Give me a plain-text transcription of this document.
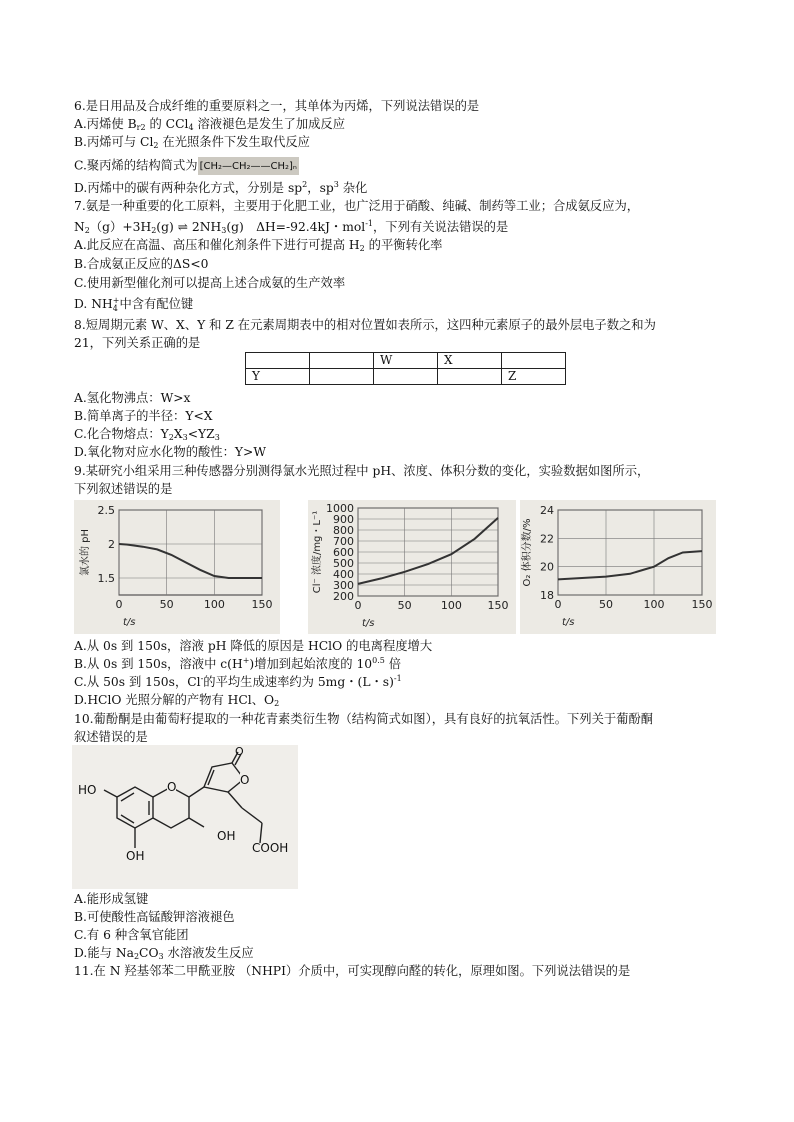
6.是日用品及合成纤维的重要原料之一，其单体为丙烯，下列说法错误的是
A.丙烯使 $B_{r2}$ 的 CCl$_4$ 溶液褪色是发生了加成反应
B.丙烯可与 $Cl_2$ 在光照条件下发生取代反应
C.聚丙烯的结构简式为 [CH₂—CH₂——CH₂]ₙ
D.丙烯中的碳有两种杂化方式，分别是 $sp^2$，$sp^3$ 杂化
7.氨是一种重要的化工原料，主要用于化肥工业，也广泛用于硝酸、纯碱、制药等工业；合成氨反应为，
$N_2(g)+3H_2(g)$ ⇌ $2NH_3(g)$　ΔH=-92.4kJ・mol$^{-1}$，下列有关说法错误的是
A.此反应在高温、高压和催化剂条件下进行可提高 $H_2$ 的平衡转化率
B.合成氨正反应的ΔS<0
C.使用新型催化剂可以提高上述合成氨的生产效率
D. NH +
4 中含有配位键
8.短周期元素 W、X、Y 和 Z 在元素周期表中的相对位置如表所示，这四种元素原子的最外层电子数之和为
21，下列关系正确的是
		W	X	
Y				Z
A.氢化物沸点：W>x
B.简单离子的半径：Y<X
C.化合物熔点：$Y_2X_3<YZ_3$
D.氧化物对应水化物的酸性：Y>W
9.某研究小组采用三种传感器分别测得氯水光照过程中 pH、浓度、体积分数的变化，实验数据如图所示，
下列叙述错误的是
0	50	100 150
1.5
2
2.5
t/s
氯水的 pH
0	50	100 150
200
300
400
500
600
700
800
900
1000
t/s
Cl⁻ 浓度/mg・L⁻¹
0	50	100 150
18
20
22
24
t/s
O₂ 体积分数/%
A.从 0s 到 150s，溶液 pH 降低的原因是 HClO 的电离程度增大
B.从 0s 到 150s，溶液中 c(H+)增加到起始浓度的 $10^{0.5}$ 倍
C.从 50s 到 150s，Cl-的平均生成速率约为 5mg・(L・s)$^{-1}$
D.HClO 光照分解的产物有 HCl、$O_2$
10.葡酚酮是由葡萄籽提取的一种花青素类衍生物（结构简式如图），具有良好的抗氧活性。下列关于葡酚酮
叙述错误的是
HO	O
O
O
OH
COOH
OH
A.能形成氢键
B.可使酸性高锰酸钾溶液褪色
C.有 6 种含氧官能团
D.能与 $Na_2CO_3$ 水溶液发生反应
11.在 N 羟基邻苯二甲酰亚胺 （NHPI）介质中，可实现醇向醛的转化，原理如图。下列说法错误的是
